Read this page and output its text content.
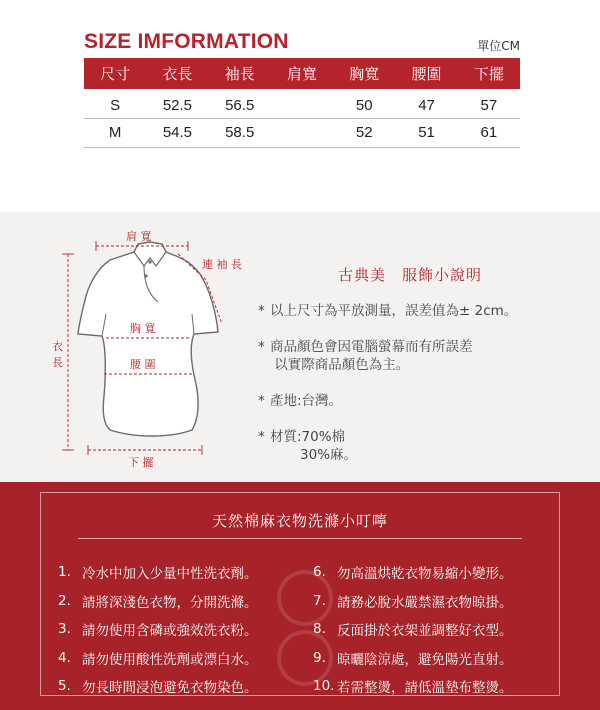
SIZE IMFORMATION	單位CM
尺寸	衣長	袖長	肩寬	胸寬	腰圍	下擺
S	52.5	56.5		50	47	57
M	54.5	58.5		52	51	61
肩 寬
連 袖 長
胸 寬
腰 圍
衣
長
下 擺
古典美　服飾小說明
* 以上尺寸為平放測量，誤差值為± 2cm。
* 商品顏色會因電腦螢幕而有所誤差
以實際商品顏色為主。
* 產地:台灣。
* 材質:70%棉
30%麻。
天然棉麻衣物洗滌小叮嚀
1. 冷水中加入少量中性洗衣劑。
2. 請將深淺色衣物，分開洗滌。
3. 請勿使用含磷或強效洗衣粉。
4. 請勿使用酸性洗劑或漂白水。
5. 勿長時間浸泡避免衣物染色。
6. 勿高溫烘乾衣物易縮小變形。
7. 請務必脫水嚴禁濕衣物晾掛。
8. 反面掛於衣架並調整好衣型。
9. 晾曬陰涼處，避免陽光直射。
10. 若需整燙，請低溫墊布整燙。
